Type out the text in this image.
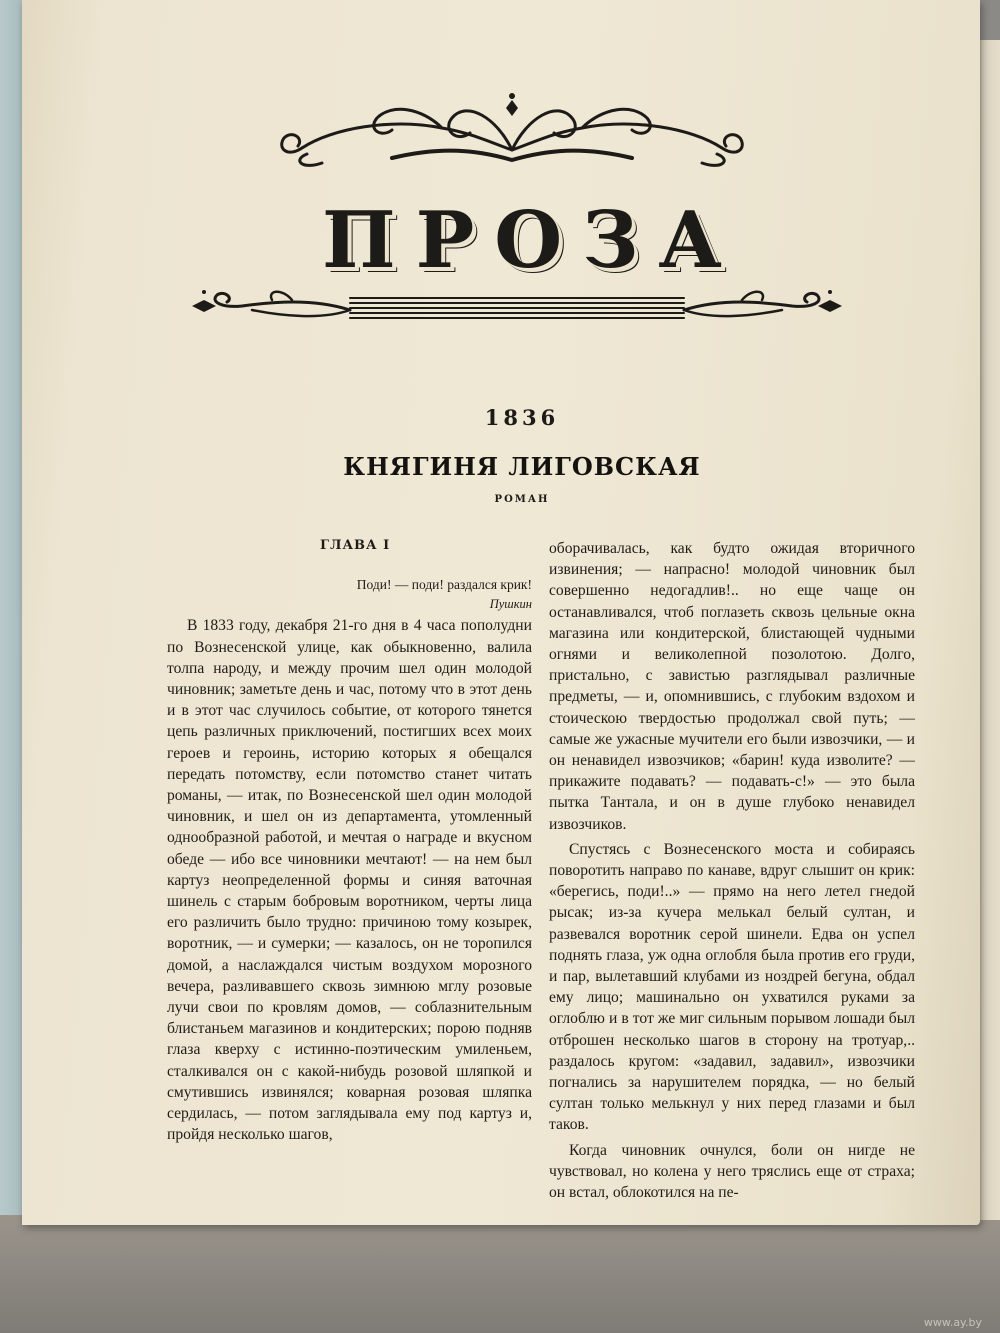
П Р О З А
1836
КНЯГИНЯ ЛИГОВСКАЯ
РОМАН
ГЛАВА I

Поди! — поди! раздался крик!

Пушкин

В 1833 году, декабря 21-го дня в 4 часа пополудни по Вознесенской улице, как обыкновенно, валила толпа народу, и между прочим шел один молодой чиновник; заметьте день и час, потому что в этот день и в этот час случилось событие, от которого тянется цепь различных приключений, постигших всех моих героев и героинь, историю которых я обещался передать потомству, если потомство станет читать романы, — итак, по Вознесенской шел один молодой чиновник, и шел он из департамента, утомленный однообразной работой, и мечтая о награде и вкусном обеде — ибо все чиновники мечтают! — на нем был картуз неопределенной формы и синяя ваточная шинель с старым бобровым воротником, черты лица его различить было трудно: причиною тому козырек, воротник, — и сумерки; — казалось, он не торопился домой, а наслаждался чистым воздухом морозного вечера, разливавшего сквозь зимнюю мглу розовые лучи свои по кровлям домов, — соблазнительным блистаньем магазинов и кондитерских; порою подняв глаза кверху с истинно-поэтическим умиленьем, сталкивался он с какой-нибудь розовой шляпкой и смутившись извинялся; коварная розовая шляпка сердилась, — потом заглядывала ему под картуз и, пройдя несколько шагов,

оборачивалась, как будто ожидая вторичного извинения; — напрасно! молодой чиновник был совершенно недогадлив!.. но еще чаще он останавливался, чтоб поглазеть сквозь цельные окна магазина или кондитерской, блистающей чудными огнями и великолепной позолотою. Долго, пристально, с завистью разглядывал различные предметы, — и, опомнившись, с глубоким вздохом и стоическою твердостью продолжал свой путь; — самые же ужасные мучители его были извозчики, — и он ненавидел извозчиков; «барин! куда изволите? — прикажите подавать? — подавать-с!» — это была пытка Тантала, и он в душе глубоко ненавидел извозчиков.

Спустясь с Вознесенского моста и собираясь поворотить направо по канаве, вдруг слышит он крик: «берегись, поди!..» — прямо на него летел гнедой рысак; из-за кучера мелькал белый султан, и развевался воротник серой шинели. Едва он успел поднять глаза, уж одна оглобля была против его груди, и пар, вылетавший клубами из ноздрей бегуна, обдал ему лицо; машинально он ухватился руками за оглоблю и в тот же миг сильным порывом лошади был отброшен несколько шагов в сторону на тротуар,.. раздалось кругом: «задавил, задавил», извозчики погнались за нарушителем порядка, — но белый султан только мелькнул у них перед глазами и был таков.

Когда чиновник очнулся, боли он нигде не чувствовал, но колена у него тряслись еще от страха; он встал, облокотился на пе-

www.ay.by
